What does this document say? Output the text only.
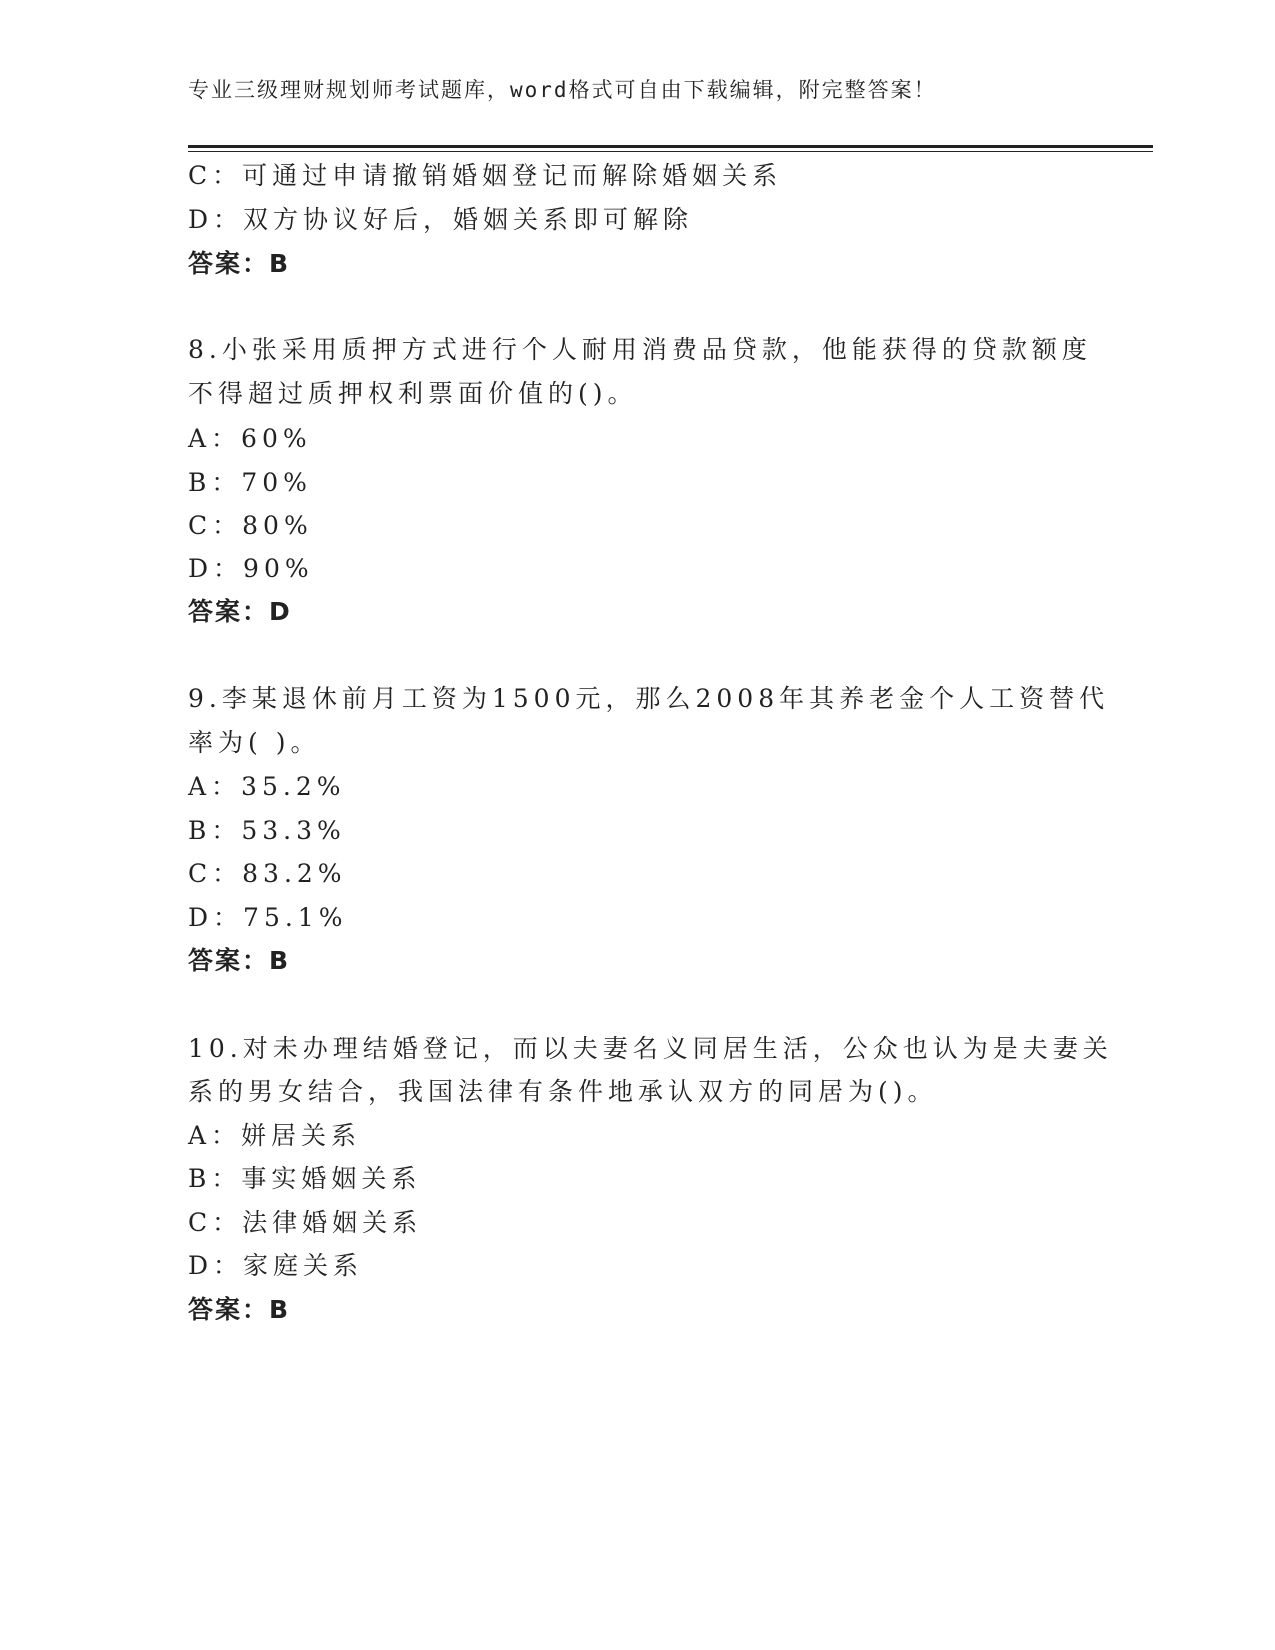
专业三级理财规划师考试题库，word格式可自由下载编辑，附完整答案！
C：可通过申请撤销婚姻登记而解除婚姻关系
D：双方协议好后，婚姻关系即可解除
答案：B
8.小张采用质押方式进行个人耐用消费品贷款，他能获得的贷款额度
不得超过质押权利票面价值的()。
A：60%
B：70%
C：80%
D：90%
答案：D
9.李某退休前月工资为1500元，那么2008年其养老金个人工资替代
率为( )。
A：35.2%
B：53.3%
C：83.2%
D：75.1%
答案：B
10.对未办理结婚登记，而以夫妻名义同居生活，公众也认为是夫妻关
系的男女结合，我国法律有条件地承认双方的同居为()。
A：姘居关系
B：事实婚姻关系
C：法律婚姻关系
D：家庭关系
答案：B
